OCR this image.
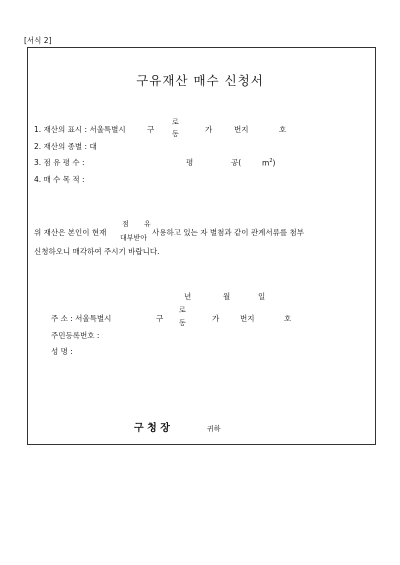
[서식 2]
구유재산 매수 신청서
1. 재산의 표시 : 서울특별시	구
로
동	가	번지	호
2. 재산의 종별 : 대
3. 점 유 평 수 :	평	공(	$m^2$)
4. 매 수 목 적 :
위 재산은 본인이 현재
점 유
대부받아
사용하고 있는 자 별첨과 같이 관계서류를 첨부
신청하오니 매각하여 주시기 바랍니다.
년	월	일
주 소 : 서울특별시	구
로
동	가	번지	호
주민등록번호 :
성 명 :
구 청 장	귀하
